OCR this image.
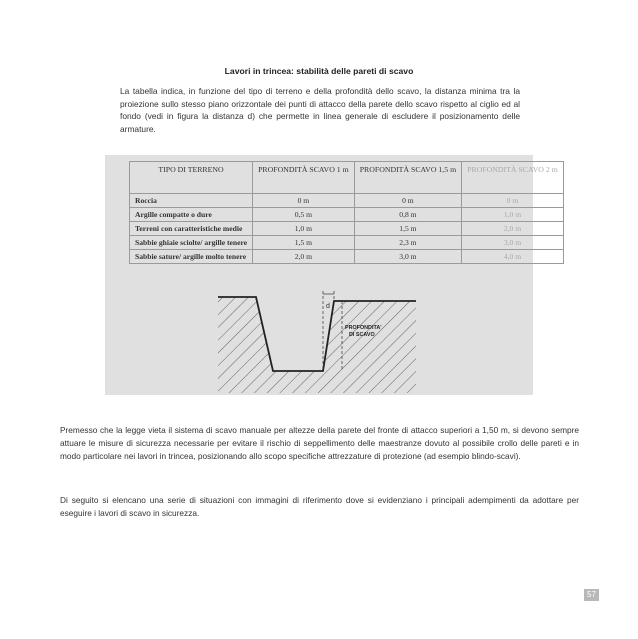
Lavori in trincea: stabilità delle pareti di scavo
La tabella indica, in funzione del tipo di terreno e della profondità dello scavo, la distanza minima tra la proiezione sullo stesso piano orizzontale dei punti di attacco della parete dello scavo rispetto al ciglio ed al fondo (vedi in figura la distanza d) che permette in linea generale di escludere il posizionamento delle armature.
TIPO DI TERRENO	PROFONDITÀ SCAVO 1 m	PROFONDITÀ SCAVO 1,5 m	PROFONDITÀ SCAVO 2 m
Roccia	0 m	0 m	0 m
Argille compatte o dure	0,5 m	0,8 m	1,0 m
Terreni con caratteristiche medie	1,0 m	1,5 m	2,0 m
Sabbie ghiaie sciolte/ argille tenere	1,5 m	2,3 m	3,0 m
Sabbie sature/ argille molto tenere	2,0 m	3,0 m	4,0 m
d
PROFONDITA'
DI SCAVO
Premesso che la legge vieta il sistema di scavo manuale per altezze della parete del fronte di attacco superiori a 1,50 m, si devono sempre attuare le misure di sicurezza necessarie per evitare il rischio di seppellimento delle maestranze dovuto al possibile crollo delle pareti e in modo particolare nei lavori in trincea, posizionando allo scopo specifiche attrezzature di protezione (ad esempio blindo-scavi).
Di seguito si elencano una serie di situazioni con immagini di riferimento dove si evidenziano i principali adempimenti da adottare per eseguire i lavori di scavo in sicurezza.
57
